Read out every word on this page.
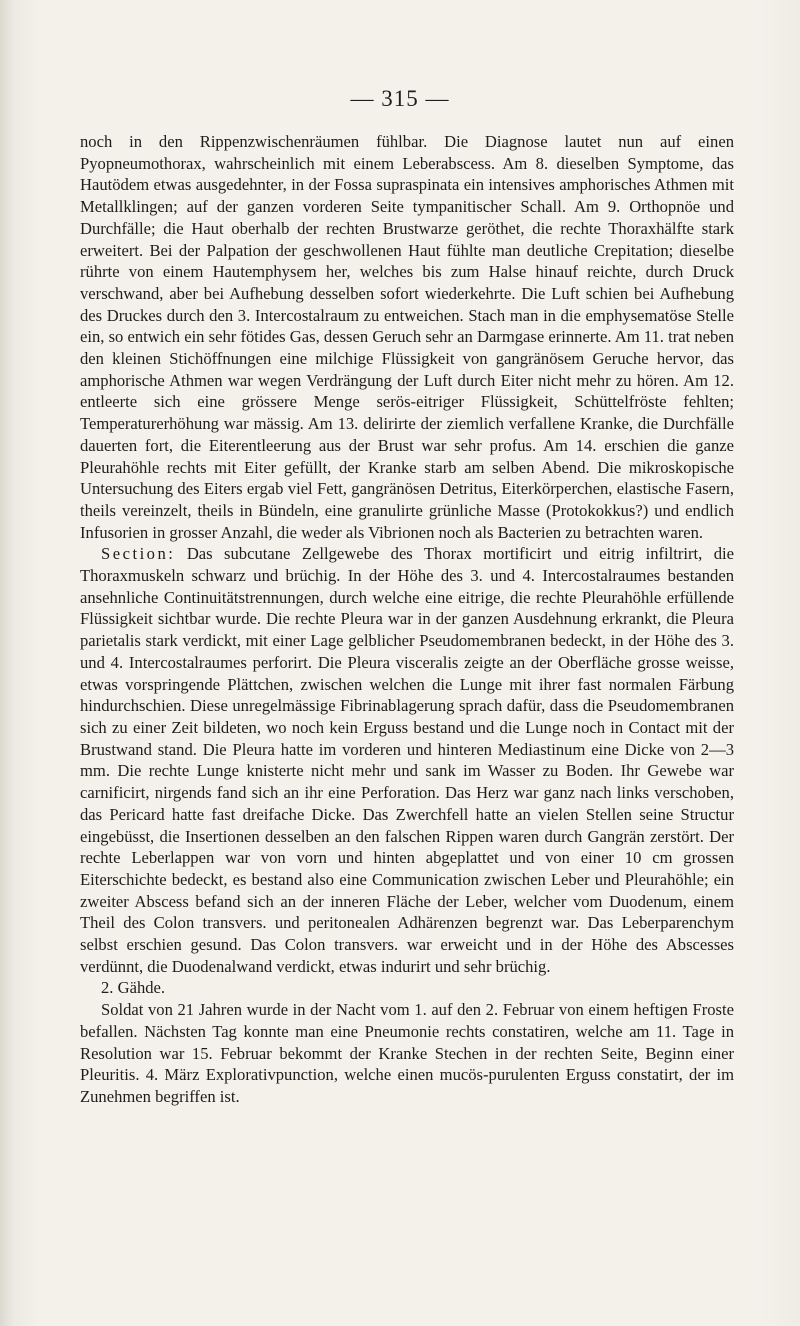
— 315 —

noch in den Rippenzwischenräumen fühlbar. Die Diagnose lautet nun auf einen Pyopneumothorax, wahrscheinlich mit einem Leberabscess. Am 8. dieselben Symptome, das Hautödem etwas ausgedehnter, in der Fossa supraspinata ein intensives amphorisches Athmen mit Metallklingen; auf der ganzen vorderen Seite tympanitischer Schall. Am 9. Orthopnöe und Durchfälle; die Haut oberhalb der rechten Brustwarze geröthet, die rechte Thoraxhälfte stark erweitert. Bei der Palpation der geschwollenen Haut fühlte man deutliche Crepitation; dieselbe rührte von einem Hautemphysem her, welches bis zum Halse hinauf reichte, durch Druck verschwand, aber bei Aufhebung desselben sofort wiederkehrte. Die Luft schien bei Aufhebung des Druckes durch den 3. Intercostalraum zu entweichen. Stach man in die emphysematöse Stelle ein, so entwich ein sehr fötides Gas, dessen Geruch sehr an Darmgase erinnerte. Am 11. trat neben den kleinen Stichöffnungen eine milchige Flüssigkeit von gangränösem Geruche hervor, das amphorische Athmen war wegen Verdrängung der Luft durch Eiter nicht mehr zu hören. Am 12. entleerte sich eine grössere Menge serös-eitriger Flüssigkeit, Schüttelfröste fehlten; Temperaturerhöhung war mässig. Am 13. delirirte der ziemlich verfallene Kranke, die Durchfälle dauerten fort, die Eiterentleerung aus der Brust war sehr profus. Am 14. erschien die ganze Pleurahöhle rechts mit Eiter gefüllt, der Kranke starb am selben Abend. Die mikroskopische Untersuchung des Eiters ergab viel Fett, gangränösen Detritus, Eiterkörperchen, elastische Fasern, theils vereinzelt, theils in Bündeln, eine granulirte grünliche Masse (Protokokkus?) und endlich Infusorien in grosser Anzahl, die weder als Vibrionen noch als Bacterien zu betrachten waren.

Section: Das subcutane Zellgewebe des Thorax mortificirt und eitrig infiltrirt, die Thoraxmuskeln schwarz und brüchig. In der Höhe des 3. und 4. Intercostalraumes bestanden ansehnliche Continuitätstrennungen, durch welche eine eitrige, die rechte Pleurahöhle erfüllende Flüssigkeit sichtbar wurde. Die rechte Pleura war in der ganzen Ausdehnung erkrankt, die Pleura parietalis stark verdickt, mit einer Lage gelblicher Pseudomembranen bedeckt, in der Höhe des 3. und 4. Intercostalraumes perforirt. Die Pleura visceralis zeigte an der Oberfläche grosse weisse, etwas vorspringende Plättchen, zwischen welchen die Lunge mit ihrer fast normalen Färbung hindurchschien. Diese unregelmässige Fibrinablagerung sprach dafür, dass die Pseudomembranen sich zu einer Zeit bildeten, wo noch kein Erguss bestand und die Lunge noch in Contact mit der Brustwand stand. Die Pleura hatte im vorderen und hinteren Mediastinum eine Dicke von 2—3 mm. Die rechte Lunge knisterte nicht mehr und sank im Wasser zu Boden. Ihr Gewebe war carnificirt, nirgends fand sich an ihr eine Perforation. Das Herz war ganz nach links verschoben, das Pericard hatte fast dreifache Dicke. Das Zwerchfell hatte an vielen Stellen seine Structur eingebüsst, die Insertionen desselben an den falschen Rippen waren durch Gangrän zerstört. Der rechte Leberlappen war von vorn und hinten abgeplattet und von einer 10 cm grossen Eiterschichte bedeckt, es bestand also eine Communication zwischen Leber und Pleurahöhle; ein zweiter Abscess befand sich an der inneren Fläche der Leber, welcher vom Duodenum, einem Theil des Colon transvers. und peritonealen Adhärenzen begrenzt war. Das Leberparenchym selbst erschien gesund. Das Colon transvers. war erweicht und in der Höhe des Abscesses verdünnt, die Duodenalwand verdickt, etwas indurirt und sehr brüchig.

2. Gähde.

Soldat von 21 Jahren wurde in der Nacht vom 1. auf den 2. Februar von einem heftigen Froste befallen. Nächsten Tag konnte man eine Pneumonie rechts constatiren, welche am 11. Tage in Resolution war 15. Februar bekommt der Kranke Stechen in der rechten Seite, Beginn einer Pleuritis. 4. März Explorativpunction, welche einen mucös-purulenten Erguss constatirt, der im Zunehmen begriffen ist.
